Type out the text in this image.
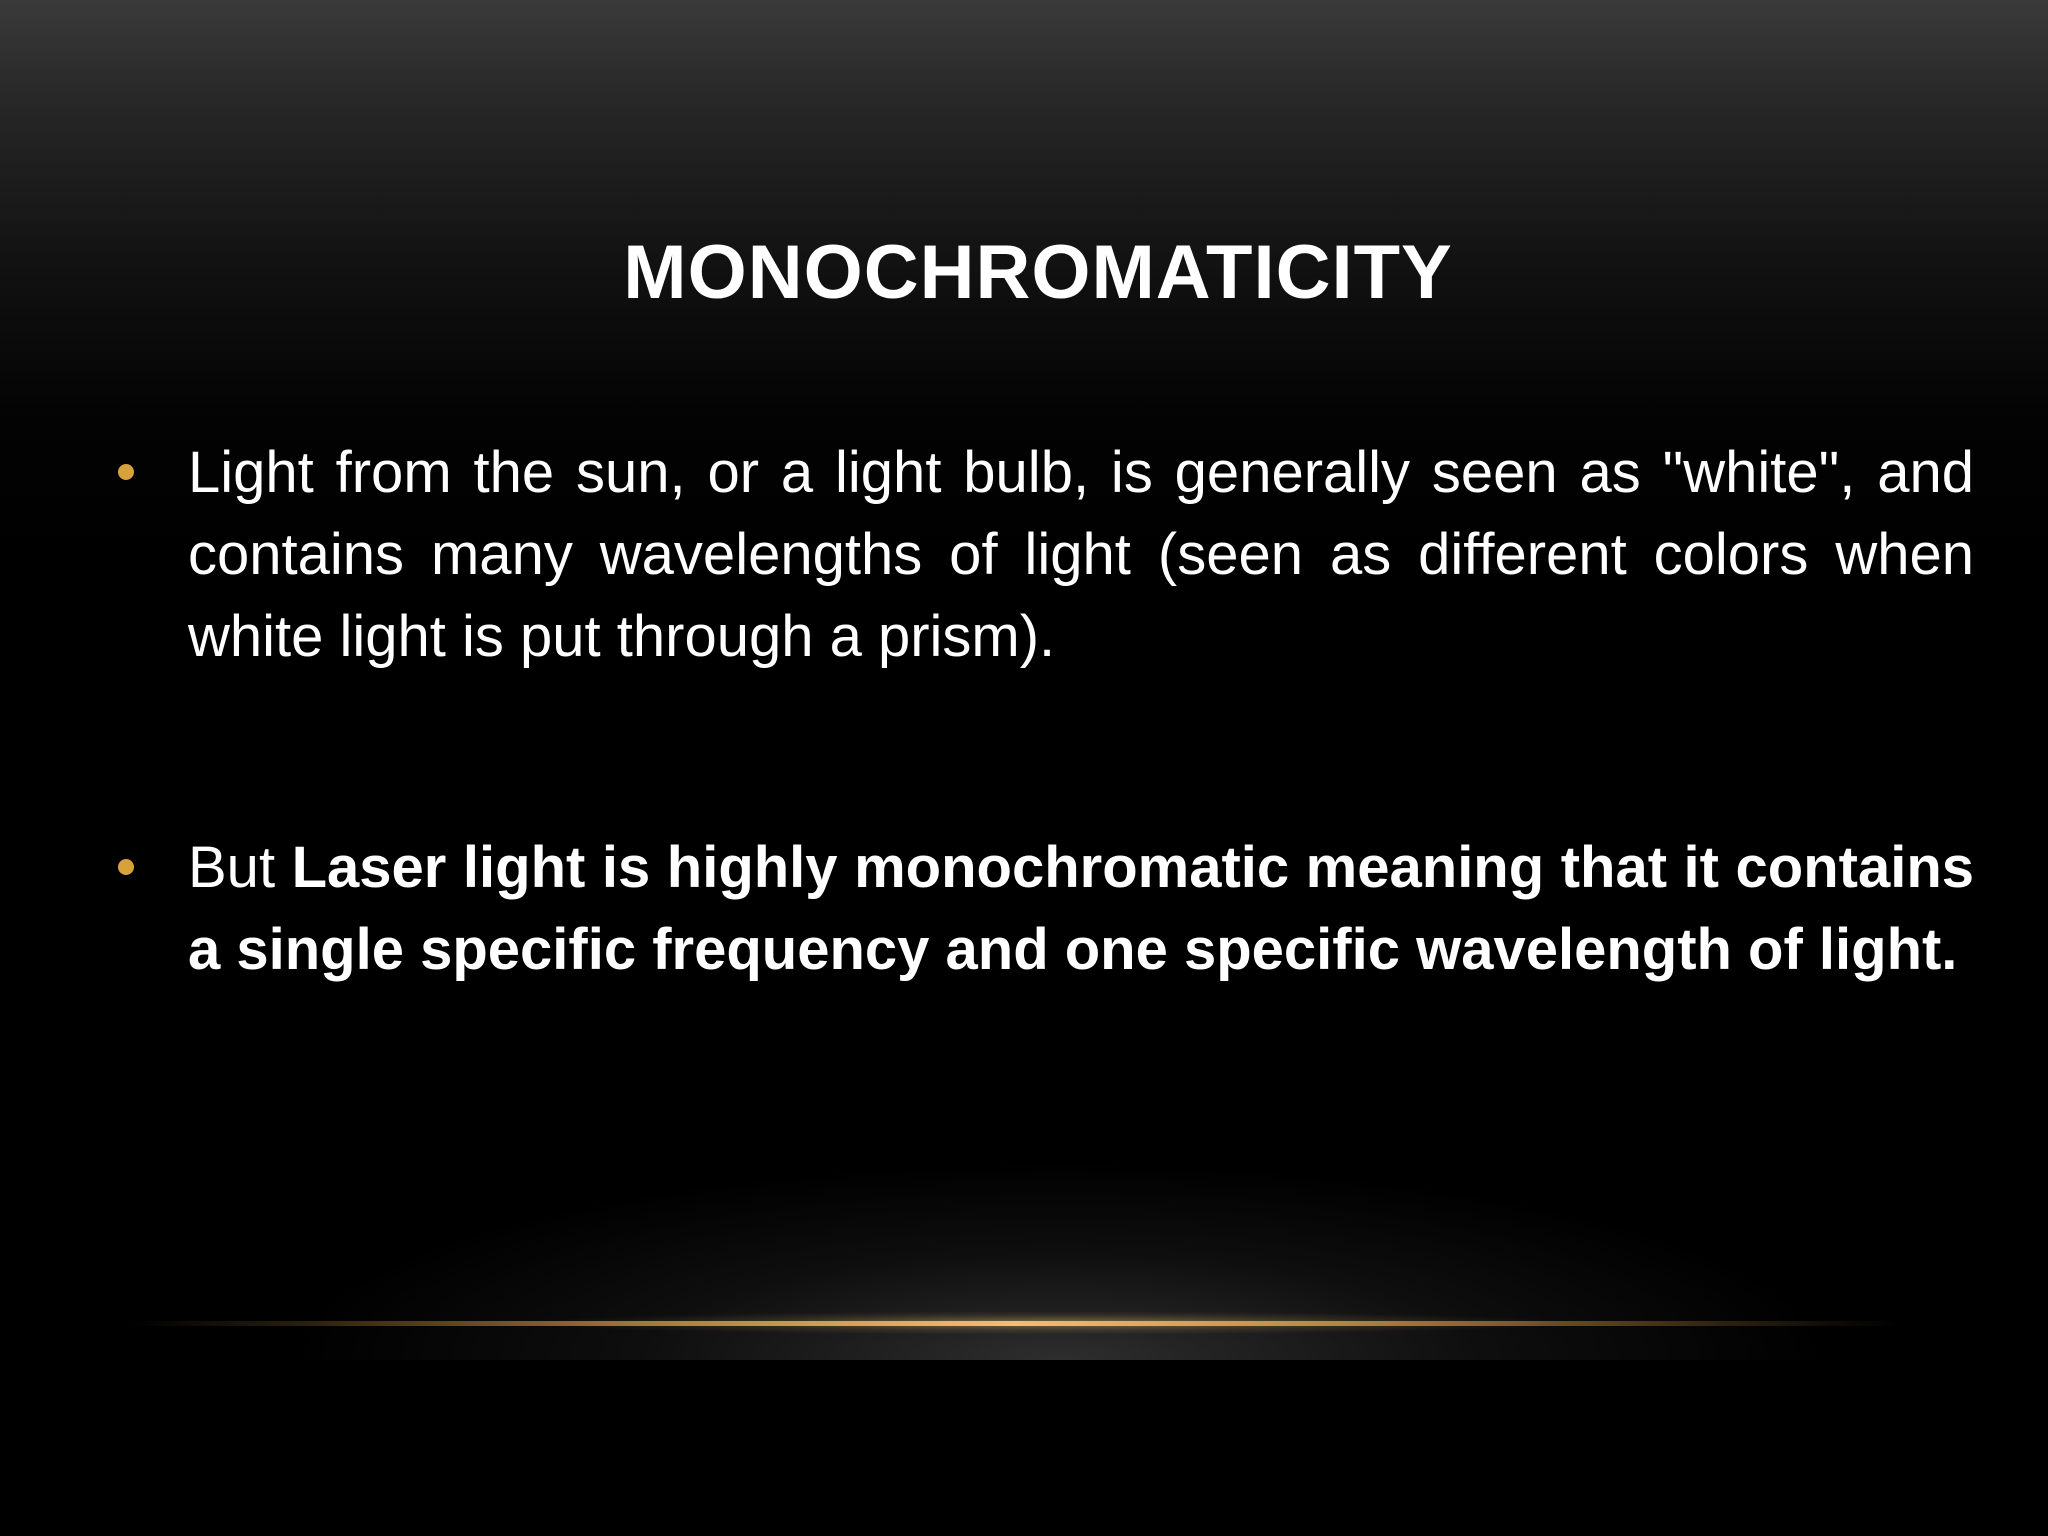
MONOCHROMATICITY
Light from the sun, or a light bulb, is generally seen as "white", and contains many wavelengths of light (seen as different colors when white light is put through a prism).
But Laser light is highly monochromatic meaning that it contains a single specific frequency and one specific wavelength of light.
